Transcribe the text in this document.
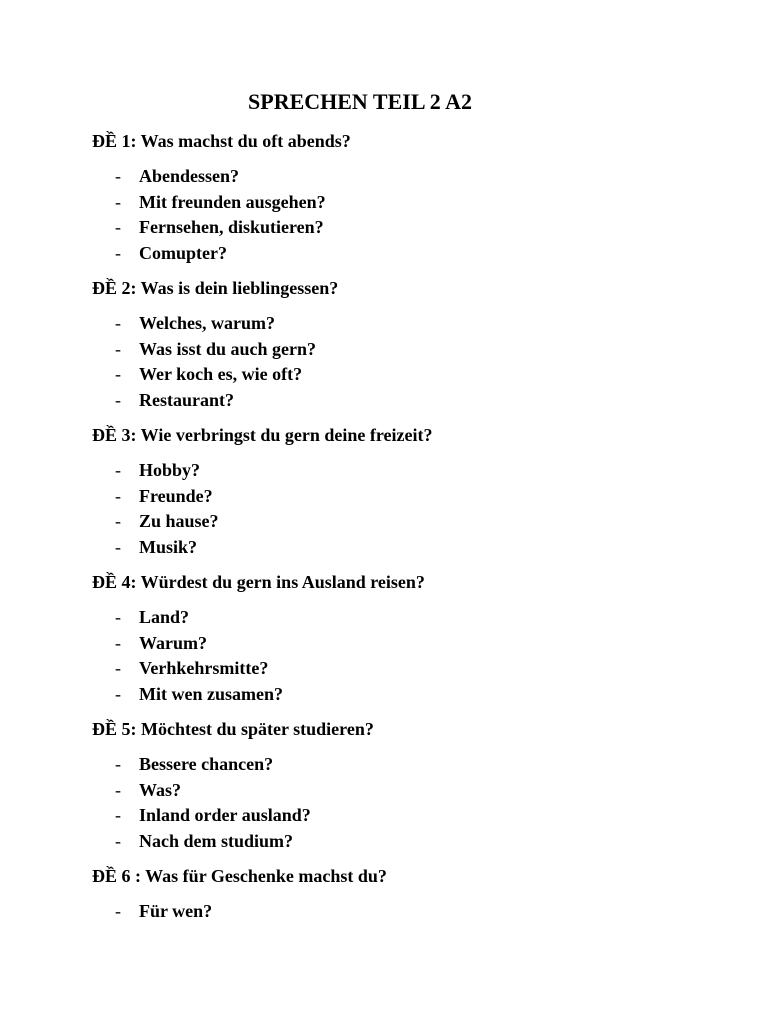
SPRECHEN TEIL 2 A2

ĐỀ 1: Was machst du oft abends?

- Abendessen?
- Mit freunden ausgehen?
- Fernsehen, diskutieren?
- Comupter?

ĐỀ 2: Was is dein lieblingessen?

- Welches, warum?
- Was isst du auch gern?
- Wer koch es, wie oft?
- Restaurant?

ĐỀ 3: Wie verbringst du gern deine freizeit?

- Hobby?
- Freunde?
- Zu hause?
- Musik?

ĐỀ 4: Würdest du gern ins Ausland reisen?

- Land?
- Warum?
- Verhkehrsmitte?
- Mit wen zusamen?

ĐỀ 5: Möchtest du später studieren?

- Bessere chancen?
- Was?
- Inland order ausland?
- Nach dem studium?

ĐỀ 6 : Was für Geschenke machst du?

- Für wen?
